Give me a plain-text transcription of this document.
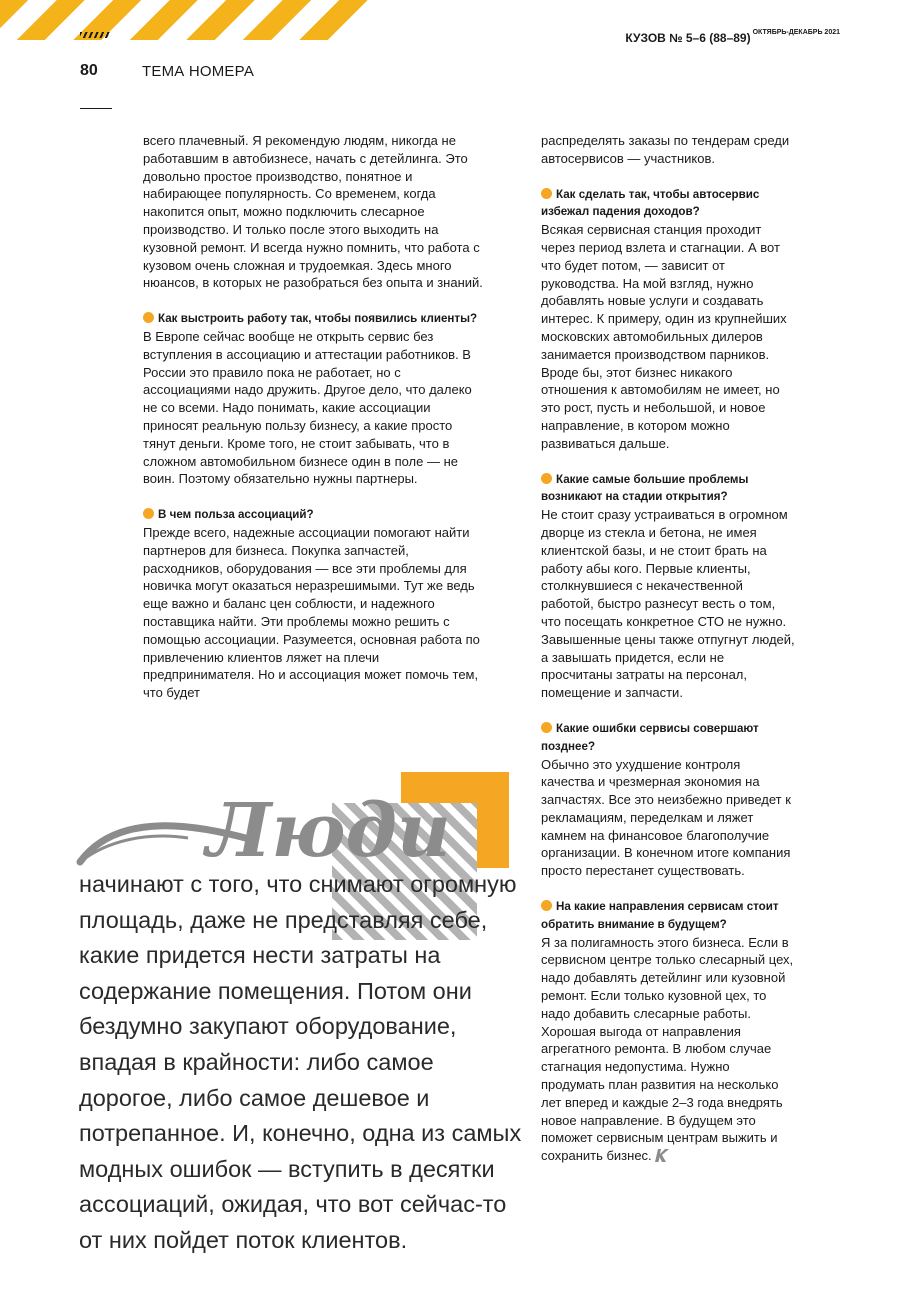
КУЗОВ № 5–6 (88–89) $^{ОКТЯБРЬ-ДЕКАБРЬ 2021}$
80	ТЕМА НОМЕРА

всего плачевный. Я рекомендую людям, никогда не работавшим в автобизнесе, начать с детейлинга. Это довольно простое производство, понятное и набирающее популярность. Со временем, когда накопится опыт, можно подключить слесарное производство. И только после этого выходить на кузовной ремонт. И всегда нужно помнить, что работа с кузовом очень сложная и трудоемкая. Здесь много нюансов, в которых не разобраться без опыта и знаний.

Как выстроить работу так, чтобы появились клиенты?

В Европе сейчас вообще не открыть сервис без вступления в ассоциацию и аттестации работников. В России это правило пока не работает, но с ассоциациями надо дружить. Другое дело, что далеко не со всеми. Надо понимать, какие ассоциации приносят реальную пользу бизнесу, а какие просто тянут деньги. Кроме того, не стоит забывать, что в сложном автомобильном бизнесе один в поле — не воин. Поэтому обязательно нужны партнеры.

В чем польза ассоциаций?

Прежде всего, надежные ассоциации помогают найти партнеров для бизнеса. Покупка запчастей, расходников, оборудования — все эти проблемы для новичка могут оказаться неразрешимыми. Тут же ведь еще важно и баланс цен соблюсти, и надежного поставщика найти. Эти проблемы можно решить с помощью ассоциации. Разумеется, основная работа по привлечению клиентов ляжет на плечи предпринимателя. Но и ассоциация может помочь тем, что будет

распределять заказы по тендерам среди автосервисов — участников.

Как сделать так, чтобы автосервис избежал падения доходов?

Всякая сервисная станция проходит через период взлета и стагнации. А вот что будет потом, — зависит от руководства. На мой взгляд, нужно добавлять новые услуги и создавать интерес. К примеру, один из крупнейших московских автомобильных дилеров занимается производством парников. Вроде бы, этот бизнес никакого отношения к автомобилям не имеет, но это рост, пусть и небольшой, и новое направление, в котором можно развиваться дальше.

Какие самые большие проблемы возникают на стадии открытия?

Не стоит сразу устраиваться в огромном дворце из стекла и бетона, не имея клиентской базы, и не стоит брать на работу абы кого. Первые клиенты, столкнувшиеся с некачественной работой, быстро разнесут весть о том, что посещать конкретное СТО не нужно. Завышенные цены также отпугнут людей, а завышать придется, если не просчитаны затраты на персонал, помещение и запчасти.

Какие ошибки сервисы совершают позднее?

Обычно это ухудшение контроля качества и чрезмерная экономия на запчастях. Все это неизбежно приведет к рекламациям, переделкам и ляжет камнем на финансовое благополучие организации. В конечном итоге компания просто перестанет существовать.

На какие направления сервисам стоит обратить внимание в будущем?

Я за полигамность этого бизнеса. Если в сервисном центре только слесарный цех, надо добавлять детейлинг или кузовной ремонт. Если только кузовной цех, то надо добавить слесарные работы. Хорошая выгода от направления агрегатного ремонта. В любом случае стагнация недопустима. Нужно продумать план развития на несколько лет вперед и каждые 2–3 года внедрять новое направление. В будущем это поможет сервисным центрам выжить и сохранить бизнес.

Люди
начинают с того, что снимают огромную площадь, даже не представляя себе, какие придется нести затраты на содержание помещения. Потом они бездумно закупают оборудование, впадая в крайности: либо самое дорогое, либо самое дешевое и потрепанное. И, конечно, одна из самых модных ошибок — вступить в десятки ассоциаций, ожидая, что вот сейчас-то от них пойдет поток клиентов.
